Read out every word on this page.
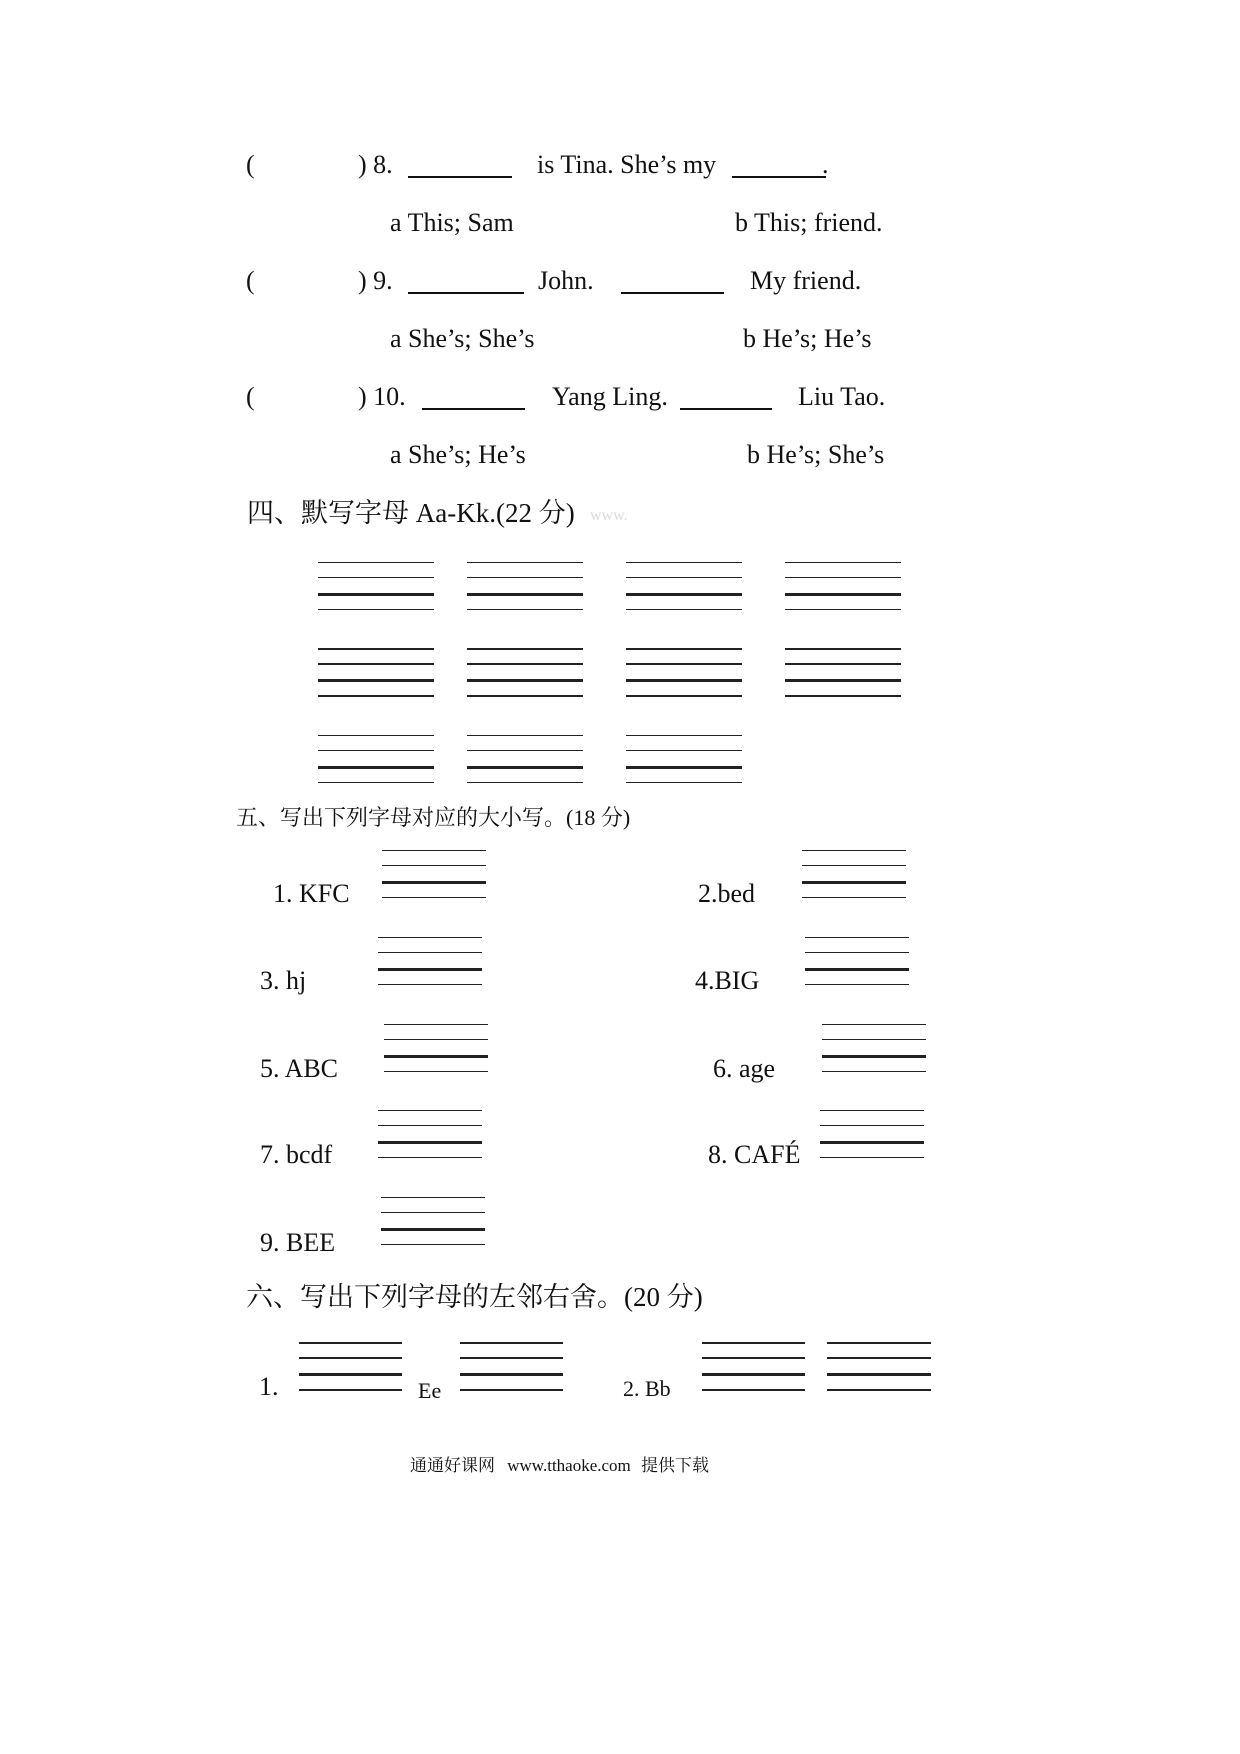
(	) 8.	is Tina. She’s my	.
a This; Sam	b This; friend.
(	) 9.	John.	My friend.
a She’s; She’s	b He’s; He’s
(	) 10.	Yang Ling.	Liu Tao.
a She’s; He’s	b He’s; She’s
四、默写字母 Aa-Kk.(22 分) www.
五、写出下列字母对应的大小写。(18 分)
1. KFC	2.bed
3. hj	4.BIG
5. ABC	6. age
7. bcdf	8. CAFÉ
9. BEE
六、写出下列字母的左邻右舍。(20 分)
1.	Ee	2. Bb
通通好课网 www.tthaoke.com 提供下载
